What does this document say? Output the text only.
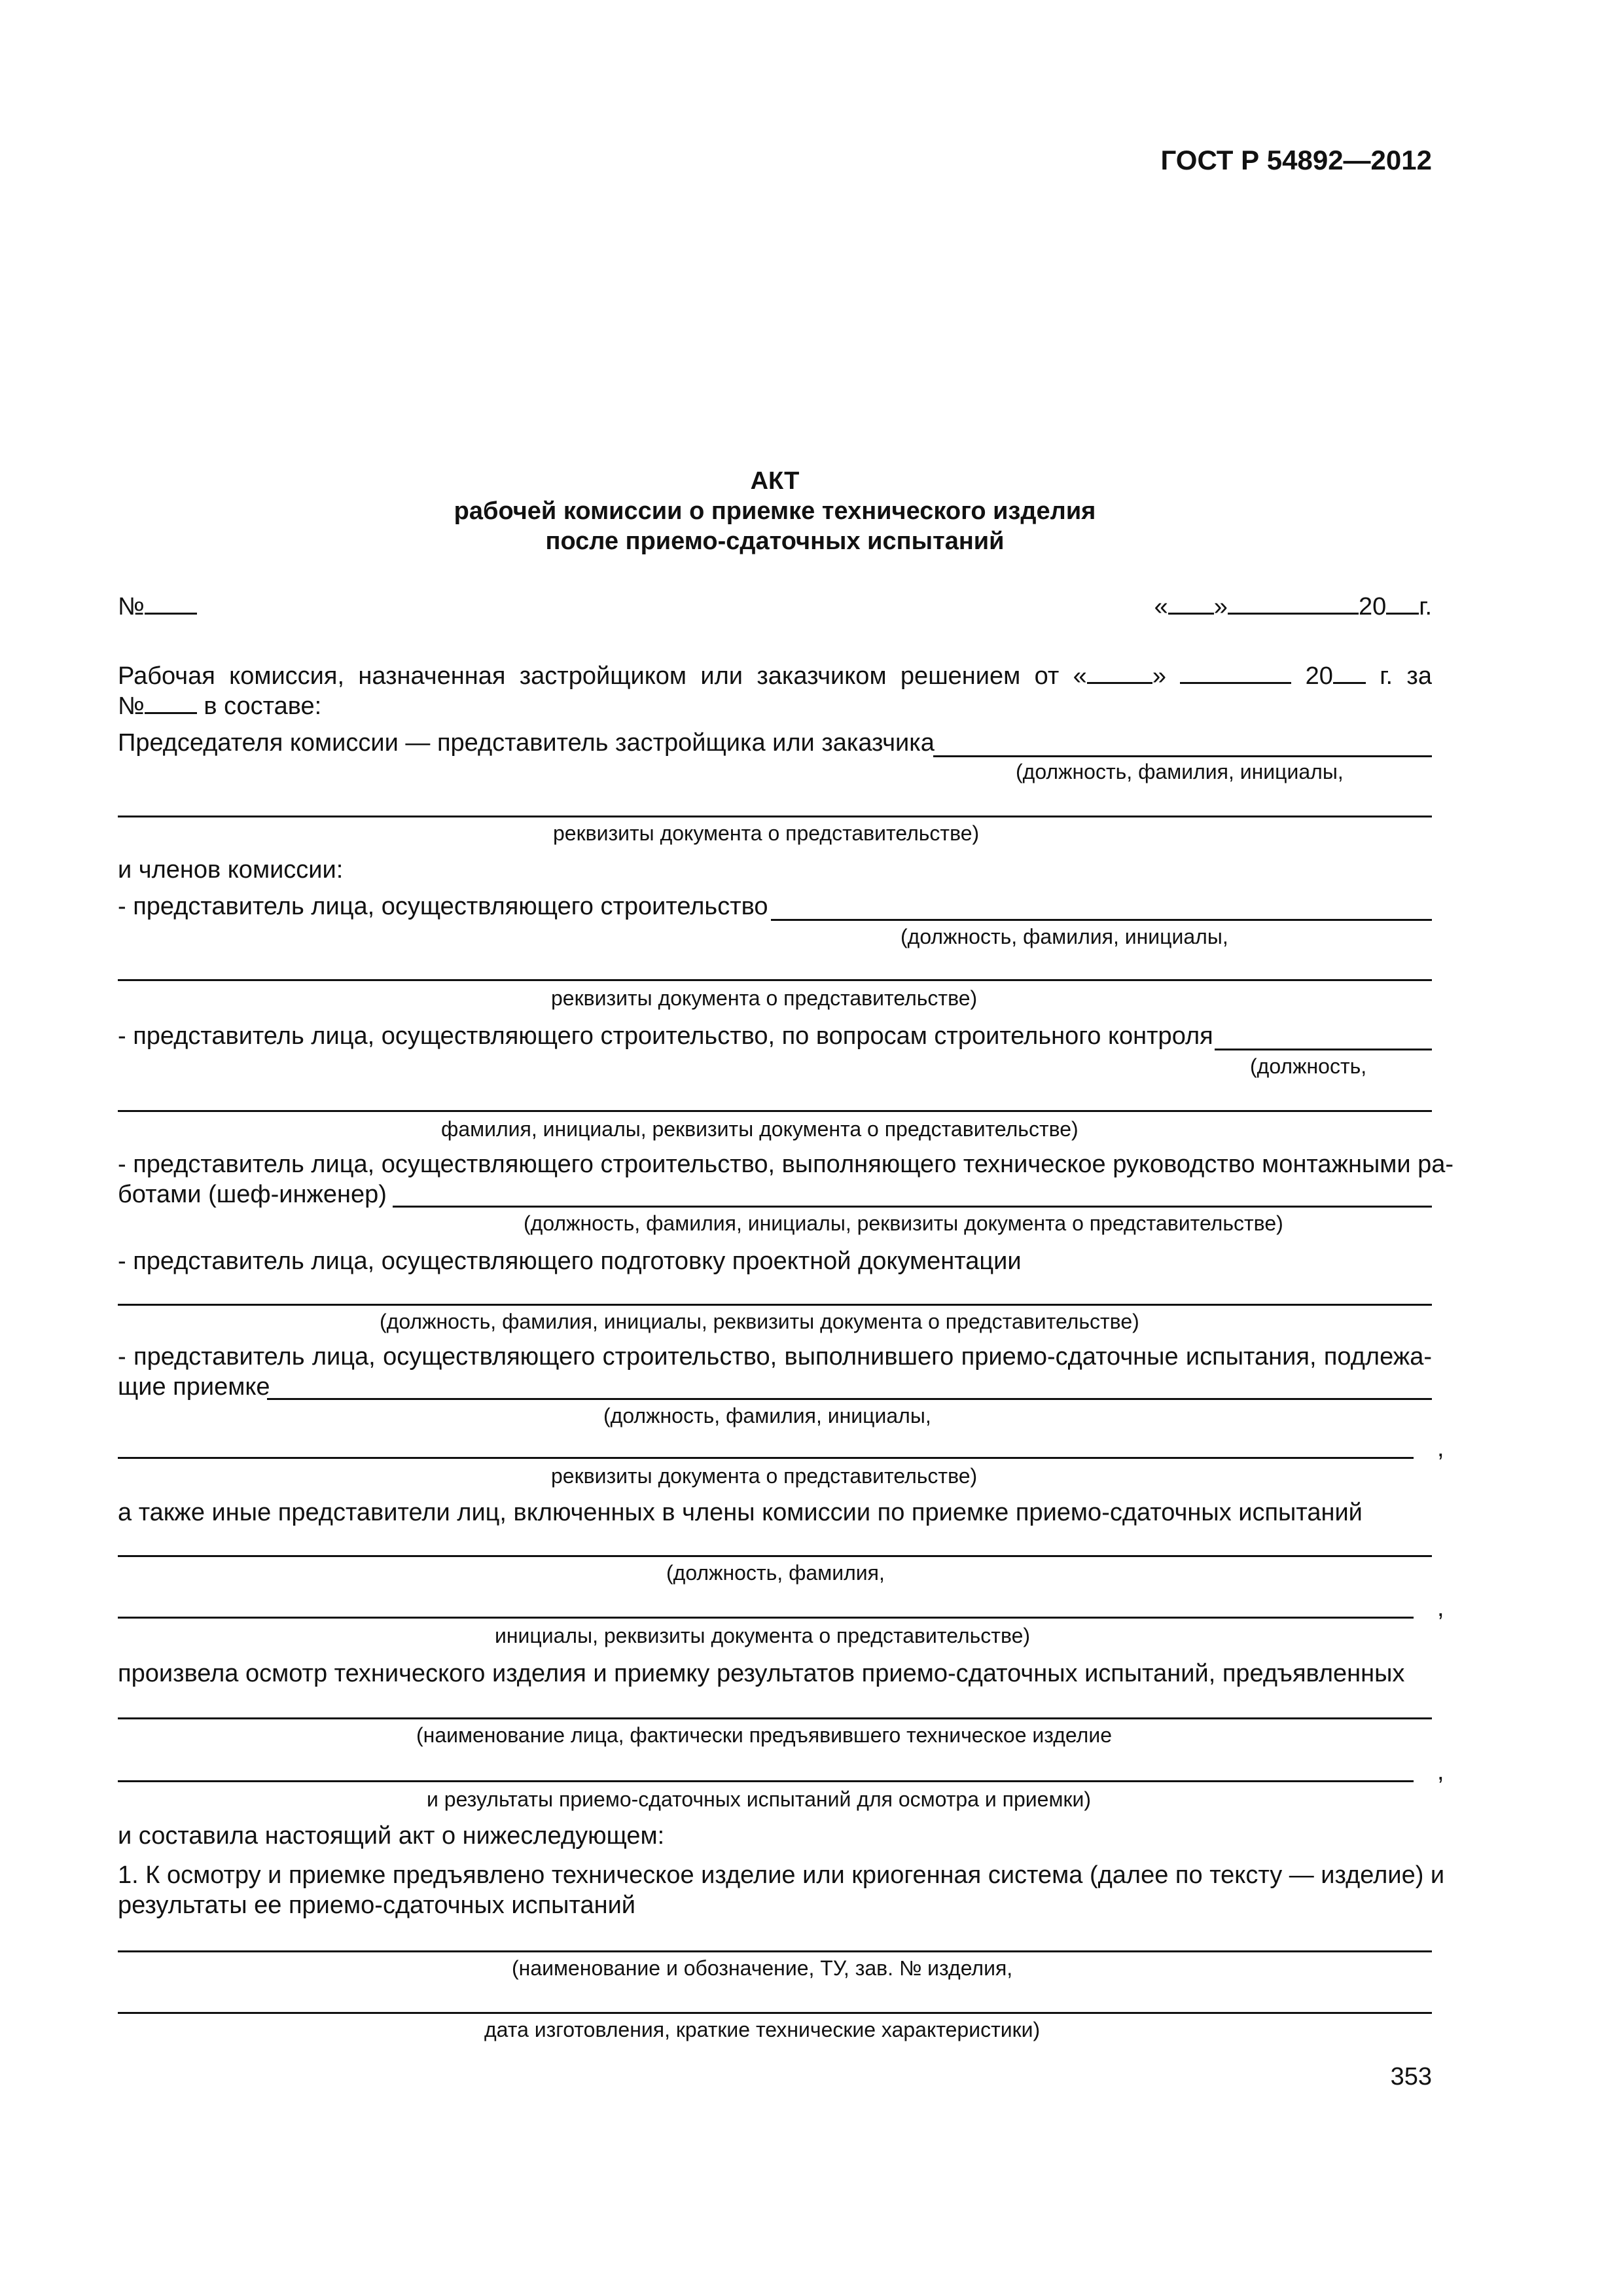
ГОСТ Р 54892—2012
АКТ
рабочей комиссии о приемке технического изделия
после приемо-сдаточных испытаний
№	« »	20 г.
Рабочая комиссия, назначенная застройщиком или заказчиком решением от «	»	20	г. за
№ в составе:
Председателя комиссии — представитель застройщика или заказчика
(должность, фамилия, инициалы,
реквизиты документа о представительстве)
и членов комиссии:
- представитель лица, осуществляющего строительство
(должность, фамилия, инициалы,
реквизиты документа о представительстве)
- представитель лица, осуществляющего строительство, по вопросам строительного контроля
(должность,
фамилия, инициалы, реквизиты документа о представительстве)
- представитель лица, осуществляющего строительство, выполняющего техническое руководство монтажными ра-
ботами (шеф-инженер)
(должность, фамилия, инициалы, реквизиты документа о представительстве)
- представитель лица, осуществляющего подготовку проектной документации
(должность, фамилия, инициалы, реквизиты документа о представительстве)
- представитель лица, осуществляющего строительство, выполнившего приемо-сдаточные испытания, подлежа-
щие приемке
(должность, фамилия, инициалы,
,
реквизиты документа о представительстве)
а также иные представители лиц, включенных в члены комиссии по приемке приемо-сдаточных испытаний
(должность, фамилия,
,
инициалы, реквизиты документа о представительстве)
произвела осмотр технического изделия и приемку результатов приемо-сдаточных испытаний, предъявленных
(наименование лица, фактически предъявившего техническое изделие
,
и результаты приемо-сдаточных испытаний для осмотра и приемки)
и составила настоящий акт о нижеследующем:
1. К осмотру и приемке предъявлено техническое изделие или криогенная система (далее по тексту — изделие) и
результаты ее приемо-сдаточных испытаний
(наименование и обозначение, ТУ, зав. № изделия,
дата изготовления, краткие технические характеристики)
353
